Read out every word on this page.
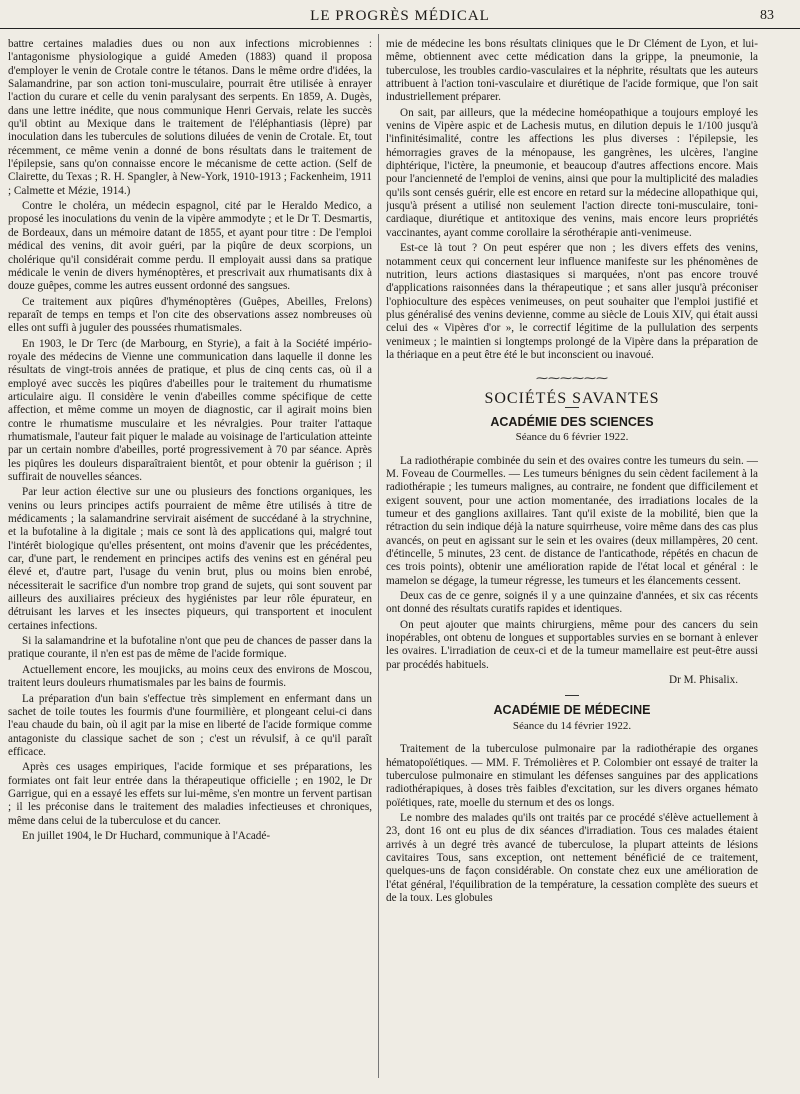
LE PROGRÈS MÉDICAL	83

battre certaines maladies dues ou non aux infections microbiennes : l'antagonisme physiologique a guidé Ameden (1883) quand il proposa d'employer le venin de Crotale contre le tétanos. Dans le même ordre d'idées, la Salamandrine, par son action toni-musculaire, pourrait être utilisée à enrayer l'action du curare et celle du venin paralysant des serpents. En 1859, A. Dugès, dans une lettre inédite, que nous communique Henri Gervais, relate les succès qu'il obtint au Mexique dans le traitement de l'éléphantiasis (lèpre) par inoculation dans les tubercules de solutions diluées de venin de Crotale. Et, tout récemment, ce même venin a donné de bons résultats dans le traitement de l'épilepsie, sans qu'on connaisse encore le mécanisme de cette action. (Self de Clairette, du Texas ; R. H. Spangler, à New-York, 1910-1913 ; Fackenheim, 1911 ; Calmette et Mézie, 1914.)

Contre le choléra, un médecin espagnol, cité par le Heraldo Medico, a proposé les inoculations du venin de la vipère ammodyte ; et le Dr T. Desmartis, de Bordeaux, dans un mémoire datant de 1855, et ayant pour titre : De l'emploi médical des venins, dit avoir guéri, par la piqûre de deux scorpions, un cholérique qu'il considérait comme perdu. Il employait aussi dans sa pratique médicale le venin de divers hyménoptères, et prescrivait aux rhumatisants dix à douze guêpes, comme les autres eussent ordonné des sangsues.

Ce traitement aux piqûres d'hyménoptères (Guêpes, Abeilles, Frelons) reparaît de temps en temps et l'on cite des observations assez nombreuses où elles ont suffi à juguler des poussées rhumatismales.

En 1903, le Dr Terc (de Marbourg, en Styrie), a fait à la Société império-royale des médecins de Vienne une communication dans laquelle il donne les résultats de vingt-trois années de pratique, et plus de cinq cents cas, où il a employé avec succès les piqûres d'abeilles pour le traitement du rhumatisme articulaire aigu. Il considère le venin d'abeilles comme spécifique de cette affection, et même comme un moyen de diagnostic, car il agirait moins bien contre le rhumatisme musculaire et les névralgies. Pour traiter l'attaque rhumatismale, l'auteur fait piquer le malade au voisinage de l'articulation atteinte par un certain nombre d'abeilles, porté progressivement à 70 par séance. Après les piqûres les douleurs disparaîtraient bientôt, et pour obtenir la guérison ; il suffirait de nouvelles séances.

Par leur action élective sur une ou plusieurs des fonctions organiques, les venins ou leurs principes actifs pourraient de même être utilisés à titre de médicaments ; la salamandrine servirait aisément de succédané à la strychnine, et la bufotaline à la digitale ; mais ce sont là des applications qui, malgré tout l'intérêt biologique qu'elles présentent, ont moins d'avenir que les précédentes, car, d'une part, le rendement en principes actifs des venins est en général peu élevé et, d'autre part, l'usage du venin brut, plus ou moins bien enrobé, nécessiterait le sacrifice d'un nombre trop grand de sujets, qui sont souvent par ailleurs des auxiliaires précieux des hygiénistes par leur rôle épurateur, en détruisant les larves et les insectes piqueurs, qui transportent et inoculent certaines infections.

Si la salamandrine et la bufotaline n'ont que peu de chances de passer dans la pratique courante, il n'en est pas de même de l'acide formique.

Actuellement encore, les moujicks, au moins ceux des environs de Moscou, traitent leurs douleurs rhumatismales par les bains de fourmis.

La préparation d'un bain s'effectue très simplement en enfermant dans un sachet de toile toutes les fourmis d'une fourmilière, et plongeant celui-ci dans l'eau chaude du bain, où il agit par la mise en liberté de l'acide formique comme antagoniste du classique sachet de son ; c'est un révulsif, à ce qu'il paraît efficace.

Après ces usages empiriques, l'acide formique et ses préparations, les formiates ont fait leur entrée dans la thérapeutique officielle ; en 1902, le Dr Garrigue, qui en a essayé les effets sur lui-même, s'en montre un fervent partisan ; il les préconise dans le traitement des maladies infectieuses et chroniques, même dans celui de la tuberculose et du cancer.

En juillet 1904, le Dr Huchard, communique à l'Acadé-

mie de médecine les bons résultats cliniques que le Dr Clément de Lyon, et lui-même, obtiennent avec cette médication dans la grippe, la pneumonie, la tuberculose, les troubles cardio-vasculaires et la néphrite, résultats que les auteurs attribuent à l'action toni-vasculaire et diurétique de l'acide formique, que l'on sait industriellement préparer.

On sait, par ailleurs, que la médecine homéopathique a toujours employé les venins de Vipère aspic et de Lachesis mutus, en dilution depuis le 1/100 jusqu'à l'infinitésimalité, contre les affections les plus diverses : l'épilepsie, les hémorragies graves de la ménopause, les gangrènes, les ulcères, l'angine diphtérique, l'ictère, la pneumonie, et beaucoup d'autres affections encore. Mais pour l'ancienneté de l'emploi de venins, ainsi que pour la multiplicité des maladies qu'ils sont censés guérir, elle est encore en retard sur la médecine allopathique qui, jusqu'à présent a utilisé non seulement l'action directe toni-musculaire, toni-cardiaque, diurétique et antitoxique des venins, mais encore leurs propriétés vaccinantes, ayant comme corollaire la sérothérapie anti-venimeuse.

Est-ce là tout ? On peut espérer que non ; les divers effets des venins, notamment ceux qui concernent leur influence manifeste sur les phénomènes de nutrition, leurs actions diastasiques si marquées, n'ont pas encore trouvé d'applications raisonnées dans la thérapeutique ; et sans aller jusqu'à préconiser l'ophioculture des espèces venimeuses, on peut souhaiter que l'emploi justifié et plus généralisé des venins devienne, comme au siècle de Louis XIV, qui était aussi celui des « Vipères d'or », le correctif légitime de la pullulation des serpents venimeux ; le maintien si longtemps prolongé de la Vipère dans la préparation de la thériaque en a peut être été le but inconscient ou inavoué.

⁓⁓⁓⁓⁓⁓
SOCIÉTÉS SAVANTES
ACADÉMIE DES SCIENCES
Séance du 6 février 1922.

La radiothérapie combinée du sein et des ovaires contre les tumeurs du sein. — M. Foveau de Courmelles. — Les tumeurs bénignes du sein cèdent facilement à la radiothérapie ; les tumeurs malignes, au contraire, ne fondent que difficilement et exigent souvent, pour une action momentanée, des irradiations locales de la tumeur et des ganglions axillaires. Tant qu'il existe de la mobilité, bien que la rétraction du sein indique déjà la nature squirrheuse, voire même dans des cas plus avancés, on peut en agissant sur le sein et les ovaires (deux millampères, 20 cent. d'étincelle, 5 minutes, 23 cent. de distance de l'anticathode, répétés en chacun de ces trois points), obtenir une amélioration rapide de l'état local et général : le mamelon se dégage, la tumeur régresse, les tumeurs et les élancements cessent.

Deux cas de ce genre, soignés il y a une quinzaine d'années, et six cas récents ont donné des résultats curatifs rapides et identiques.

On peut ajouter que maints chirurgiens, même pour des cancers du sein inopérables, ont obtenu de longues et supportables survies en se bornant à enlever les ovaires. L'irradiation de ceux-ci et de la tumeur mamellaire est peut-être aussi par procédés habituels.

Dr M. Phisalix.
ACADÉMIE DE MÉDECINE
Séance du 14 février 1922.

Traitement de la tuberculose pulmonaire par la radiothérapie des organes hématopoïétiques. — MM. F. Trémolières et P. Colombier ont essayé de traiter la tuberculose pulmonaire en stimulant les défenses sanguines par des applications radiothérapiques, à doses très faibles d'excitation, sur les divers organes hémato poïétiques, rate, moelle du sternum et des os longs.

Le nombre des malades qu'ils ont traités par ce procédé s'élève actuellement à 23, dont 16 ont eu plus de dix séances d'irradiation. Tous ces malades étaient arrivés à un degré très avancé de tuberculose, la plupart atteints de lésions cavitaires Tous, sans exception, ont nettement bénéficié de ce traitement, quelques-uns de façon considérable. On constate chez eux une amélioration de l'état général, l'équilibration de la température, la cessation complète des sueurs et de la toux. Les globules
